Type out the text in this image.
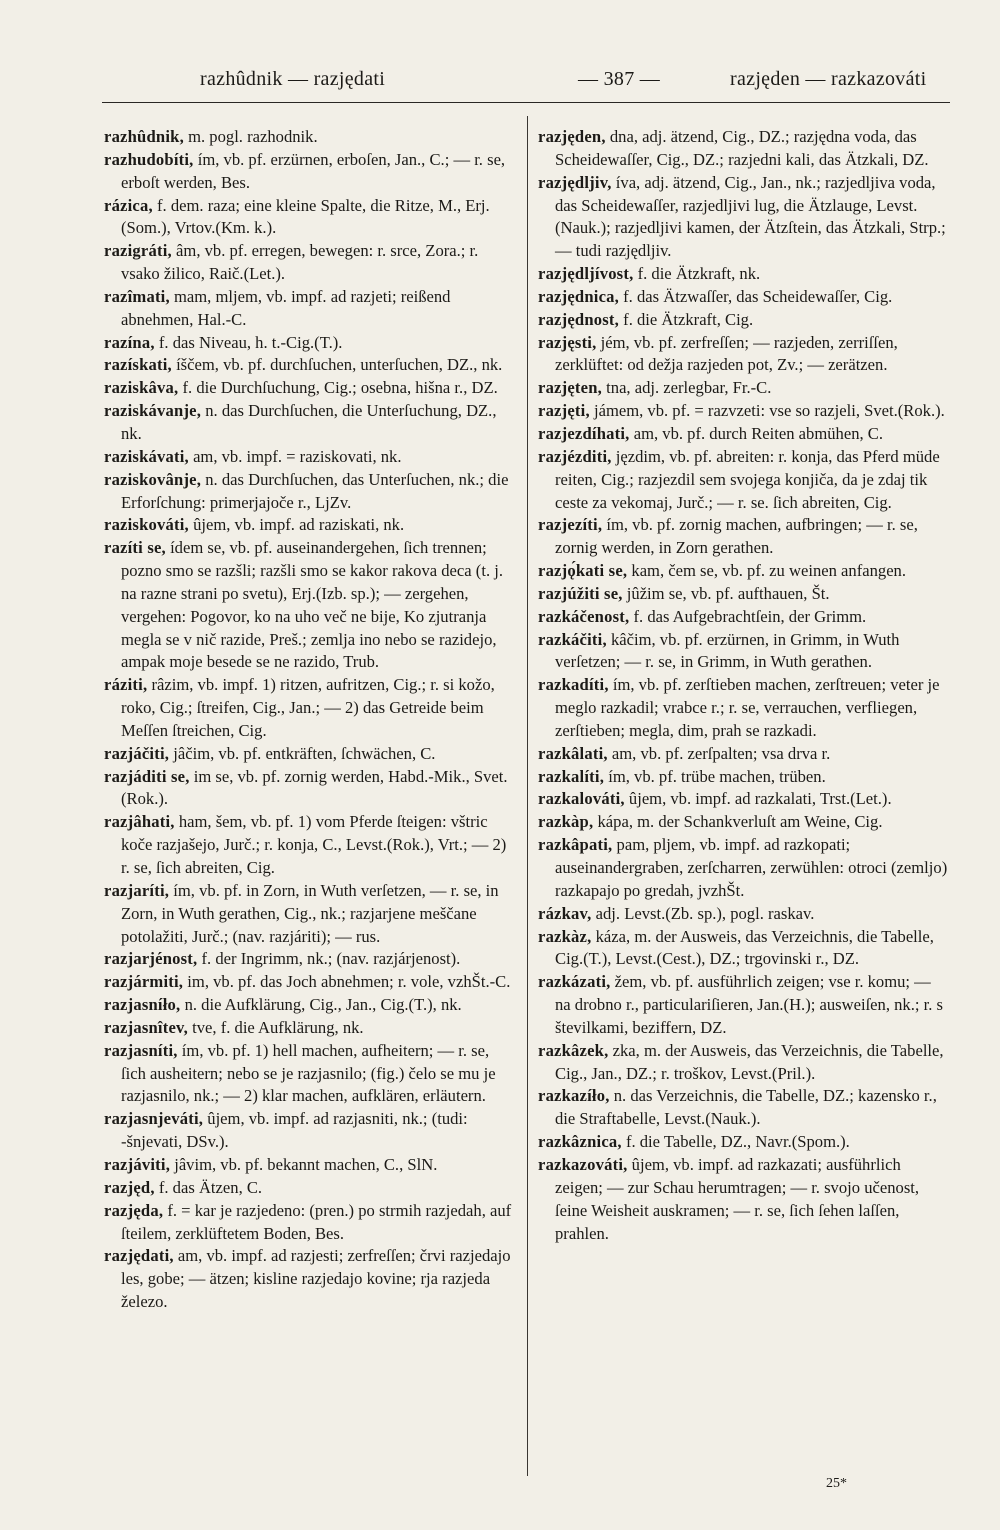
razhûdnik — razjędati	— 387 —	razjęden — razkazováti

razhûdnik, m. pogl. razhodnik.

razhudobíti, ím, vb. pf. erzürnen, erboſen, Jan., C.; — r. se, erboſt werden, Bes.

rázica, f. dem. raza; eine kleine Spalte, die Ritze, M., Erj.(Som.), Vrtov.(Km. k.).

razigráti, âm, vb. pf. erregen, bewegen: r. srce, Zora.; r. vsako žilico, Raič.(Let.).

razîmati, mam, mljem, vb. impf. ad razjeti; reißend abnehmen, Hal.-C.

razína, f. das Niveau, h. t.-Cig.(T.).

razískati, íščem, vb. pf. durchſuchen, unterſuchen, DZ., nk.

raziskâva, f. die Durchſuchung, Cig.; osebna, hišna r., DZ.

raziskávanje, n. das Durchſuchen, die Unterſuchung, DZ., nk.

raziskávati, am, vb. impf. = raziskovati, nk.

raziskovânje, n. das Durchſuchen, das Unterſuchen, nk.; die Erforſchung: primerjajoče r., LjZv.

raziskováti, ûjem, vb. impf. ad raziskati, nk.

razíti se, ídem se, vb. pf. auseinandergehen, ſich trennen; pozno smo se razšli; razšli smo se kakor rakova deca (t. j. na razne strani po svetu), Erj.(Izb. sp.); — zergehen, vergehen: Pogovor, ko na uho več ne bije, Ko zjutranja megla se v nič razide, Preš.; zemlja ino nebo se razidejo, ampak moje besede se ne razido, Trub.

ráziti, râzim, vb. impf. 1) ritzen, aufritzen, Cig.; r. si kožo, roko, Cig.; ſtreifen, Cig., Jan.; — 2) das Getreide beim Meſſen ſtreichen, Cig.

razjáčiti, jâčim, vb. pf. entkräften, ſchwächen, C.

razjáditi se, im se, vb. pf. zornig werden, Habd.-Mik., Svet.(Rok.).

razjâhati, ham, šem, vb. pf. 1) vom Pferde ſteigen: vštric koče razjašejo, Jurč.; r. konja, C., Levst.(Rok.), Vrt.; — 2) r. se, ſich abreiten, Cig.

razjaríti, ím, vb. pf. in Zorn, in Wuth verſetzen, — r. se, in Zorn, in Wuth gerathen, Cig., nk.; razjarjene meščane potolažiti, Jurč.; (nav. razjáriti); — rus.

razjarjénost, f. der Ingrimm, nk.; (nav. razjárjenost).

razjármiti, im, vb. pf. das Joch abnehmen; r. vole, vzhŠt.-C.

razjasníło, n. die Aufklärung, Cig., Jan., Cig.(T.), nk.

razjasnîtev, tve, f. die Aufklärung, nk.

razjasníti, ím, vb. pf. 1) hell machen, aufheitern; — r. se, ſich ausheitern; nebo se je razjasnilo; (fig.) čelo se mu je razjasnilo, nk.; — 2) klar machen, aufklären, erläutern.

razjasnjeváti, ûjem, vb. impf. ad razjasniti, nk.; (tudi: -šnjevati, DSv.).

razjáviti, jâvim, vb. pf. bekannt machen, C., SlN.

razjęd, f. das Ätzen, C.

razjęda, f. = kar je razjedeno: (pren.) po strmih razjedah, auf ſteilem, zerklüftetem Boden, Bes.

razjędati, am, vb. impf. ad razjesti; zerfreſſen; črvi razjedajo les, gobe; — ätzen; kisline razjedajo kovine; rja razjeda železo.

razjęden, dna, adj. ätzend, Cig., DZ.; razjędna voda, das Scheidewaſſer, Cig., DZ.; razjedni kali, das Ätzkali, DZ.

razjędljiv, íva, adj. ätzend, Cig., Jan., nk.; razjedljiva voda, das Scheidewaſſer, razjedljivi lug, die Ätzlauge, Levst.(Nauk.); razjedljivi kamen, der Ätzſtein, das Ätzkali, Strp.; — tudi razjędljiv.

razjędljívost, f. die Ätzkraft, nk.

razjędnica, f. das Ätzwaſſer, das Scheidewaſſer, Cig.

razjędnost, f. die Ätzkraft, Cig.

razjęsti, jém, vb. pf. zerfreſſen; — razjeden, zerriſſen, zerklüftet: od dežja razjeden pot, Zv.; — zerätzen.

razjęten, tna, adj. zerlegbar, Fr.-C.

razjęti, jámem, vb. pf. = razvzeti: vse so razjeli, Svet.(Rok.).

razjezdíhati, am, vb. pf. durch Reiten abmühen, C.

razjézditi, jęzdim, vb. pf. abreiten: r. konja, das Pferd müde reiten, Cig.; razjezdil sem svojega konjiča, da je zdaj tik ceste za vekomaj, Jurč.; — r. se. ſich abreiten, Cig.

razjezíti, ím, vb. pf. zornig machen, aufbringen; — r. se, zornig werden, in Zorn gerathen.

razjǫ́kati se, kam, čem se, vb. pf. zu weinen anfangen.

razjúžiti se, jûžim se, vb. pf. aufthauen, Št.

razkáčenost, f. das Aufgebrachtſein, der Grimm.

razkáčiti, kâčim, vb. pf. erzürnen, in Grimm, in Wuth verſetzen; — r. se, in Grimm, in Wuth gerathen.

razkadíti, ím, vb. pf. zerſtieben machen, zerſtreuen; veter je meglo razkadil; vrabce r.; r. se, verrauchen, verfliegen, zerſtieben; megla, dim, prah se razkadi.

razkâlati, am, vb. pf. zerſpalten; vsa drva r.

razkalíti, ím, vb. pf. trübe machen, trüben.

razkalováti, ûjem, vb. impf. ad razkalati, Trst.(Let.).

razkàp, kápa, m. der Schankverluſt am Weine, Cig.

razkâpati, pam, pljem, vb. impf. ad razkopati; auseinandergraben, zerſcharren, zerwühlen: otroci (zemljo) razkapajo po gredah, jvzhŠt.

rázkav, adj. Levst.(Zb. sp.), pogl. raskav.

razkàz, káza, m. der Ausweis, das Verzeichnis, die Tabelle, Cig.(T.), Levst.(Cest.), DZ.; trgovinski r., DZ.

razkázati, žem, vb. pf. ausführlich zeigen; vse r. komu; — na drobno r., particulariſieren, Jan.(H.); ausweiſen, nk.; r. s številkami, beziffern, DZ.

razkâzek, zka, m. der Ausweis, das Verzeichnis, die Tabelle, Cig., Jan., DZ.; r. troškov, Levst.(Pril.).

razkazíło, n. das Verzeichnis, die Tabelle, DZ.; kazensko r., die Straftabelle, Levst.(Nauk.).

razkâznica, f. die Tabelle, DZ., Navr.(Spom.).

razkazováti, ûjem, vb. impf. ad razkazati; ausführlich zeigen; — zur Schau herumtragen; — r. svojo učenost, ſeine Weisheit auskramen; — r. se, ſich ſehen laſſen, prahlen.

25*
